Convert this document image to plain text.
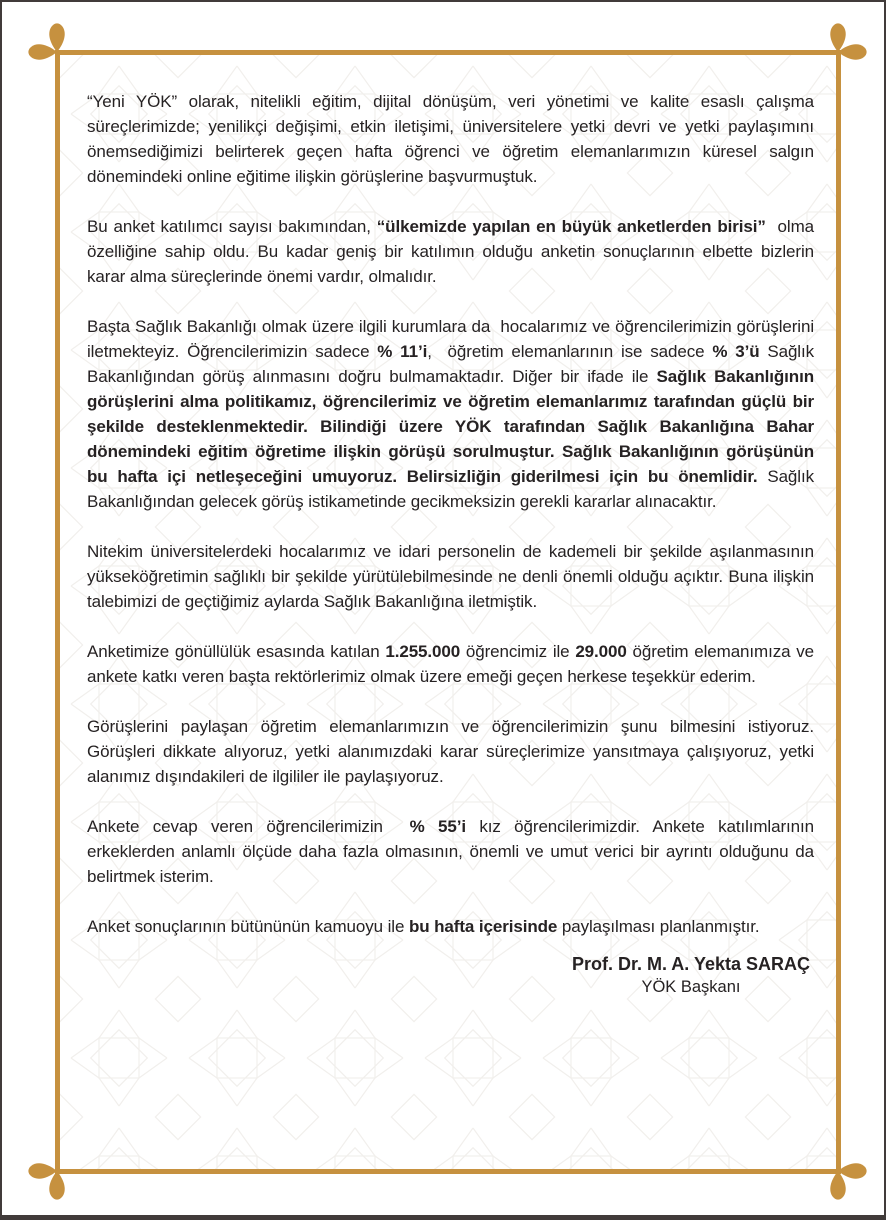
“Yeni YÖK” olarak, nitelikli eğitim, dijital dönüşüm, veri yönetimi ve kalite esaslı çalışma süreçlerimizde; yenilikçi değişimi, etkin iletişimi, üniversitelere yetki devri ve yetki paylaşımını önemsediğimizi belirterek geçen hafta öğrenci ve öğretim elemanlarımızın küresel salgın dönemindeki online eğitime ilişkin görüşlerine başvurmuştuk.

Bu anket katılımcı sayısı bakımından, “ülkemizde yapılan en büyük anketlerden birisi”  olma özelliğine sahip oldu. Bu kadar geniş bir katılımın olduğu anketin sonuçlarının elbette bizlerin karar alma süreçlerinde önemi vardır, olmalıdır.

Başta Sağlık Bakanlığı olmak üzere ilgili kurumlara da  hocalarımız ve öğrencilerimizin görüşlerini iletmekteyiz. Öğrencilerimizin sadece % 11’i,  öğretim elemanlarının ise sadece % 3’ü Sağlık Bakanlığından görüş alınmasını doğru bulmamaktadır. Diğer bir ifade ile Sağlık Bakanlığının görüşlerini alma politikamız, öğrencilerimiz ve öğretim elemanlarımız tarafından güçlü bir şekilde desteklenmektedir. Bilindiği üzere YÖK tarafından Sağlık Bakanlığına Bahar dönemindeki eğitim öğretime ilişkin görüşü sorulmuştur. Sağlık Bakanlığının görüşünün bu hafta içi netleşeceğini umuyoruz. Belirsizliğin giderilmesi için bu önemlidir. Sağlık Bakanlığından gelecek görüş istikametinde gecikmeksizin gerekli kararlar alınacaktır.

Nitekim üniversitelerdeki hocalarımız ve idari personelin de kademeli bir şekilde aşılanmasının yükseköğretimin sağlıklı bir şekilde yürütülebilmesinde ne denli önemli olduğu açıktır. Buna ilişkin talebimizi de geçtiğimiz aylarda Sağlık Bakanlığına iletmiştik.

Anketimize gönüllülük esasında katılan 1.255.000 öğrencimiz ile 29.000 öğretim elemanımıza ve ankete katkı veren başta rektörlerimiz olmak üzere emeği geçen herkese teşekkür ederim.

Görüşlerini paylaşan öğretim elemanlarımızın ve öğrencilerimizin şunu bilmesini istiyoruz. Görüşleri dikkate alıyoruz, yetki alanımızdaki karar süreçlerimize yansıtmaya çalışıyoruz, yetki alanımız dışındakileri de ilgililer ile paylaşıyoruz.

Ankete cevap veren öğrencilerimizin  % 55’i kız öğrencilerimizdir. Ankete katılımlarının erkeklerden anlamlı ölçüde daha fazla olmasının, önemli ve umut verici bir ayrıntı olduğunu da belirtmek isterim.

Anket sonuçlarının bütününün kamuoyu ile bu hafta içerisinde paylaşılması planlanmıştır.

Prof. Dr. M. A. Yekta SARAÇ
YÖK Başkanı
